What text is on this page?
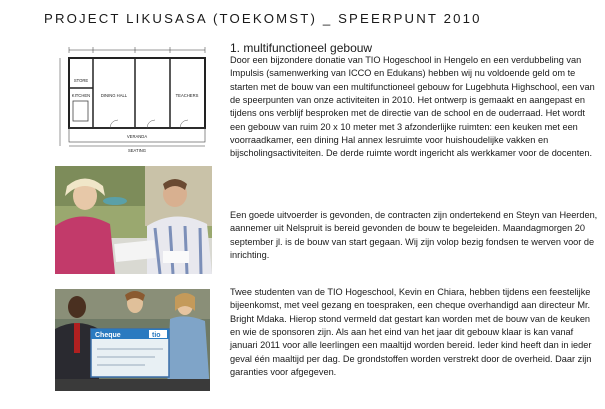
PROJECT LIKUSASA (TOEKOMST) _ SPEERPUNT 2010
STORE
KITCHEN	DINING HALL	TEACHERS
VERANDA
SEATING
1. multifunctioneel gebouw

Door een bijzondere donatie van TIO Hogeschool in Hengelo en een verdubbeling van Impulsis (samenwerking van ICCO en Edukans) hebben wij nu voldoende geld om te starten met de bouw van een multifunctioneel gebouw for Lugebhuta Highschool, een van de speerpunten van onze activiteiten in 2010. Het ontwerp is gemaakt en aangepast en tijdens ons verblijf besproken met de directie van de school en de ouderraad. Het wordt een gebouw van ruim 20 x 10 meter met 3 afzonderlijke ruimten: een keuken met een voorraadkamer, een dining Hal annex lesruimte voor huishoudelijke vakken en bijscholingsactiviteiten. De derde ruimte wordt ingericht als werkkamer voor de docenten.

Een goede uitvoerder is gevonden, de contracten zijn ondertekend en Steyn van Heerden, aannemer uit Nelspruit is bereid gevonden de bouw te begeleiden. Maandagmorgen 20 september jl. is de bouw van start gegaan. Wij zijn volop bezig fondsen te werven voor de inrichting.

Cheque	tio

Twee studenten van de TIO Hogeschool, Kevin en Chiara, hebben tijdens een feestelijke bijeenkomst, met veel gezang en toespraken, een cheque overhandigd aan directeur Mr. Bright Mdaka. Hierop stond vermeld dat gestart kan worden met de bouw van de keuken en wie de sponsoren zijn. Als aan het eind van het jaar dit gebouw klaar is kan vanaf januari 2011 voor alle leerlingen een maaltijd worden bereid. Ieder kind heeft dan in ieder geval één maaltijd per dag. De grondstoffen worden verstrekt door de overheid. Daar zijn garanties voor afgegeven.
